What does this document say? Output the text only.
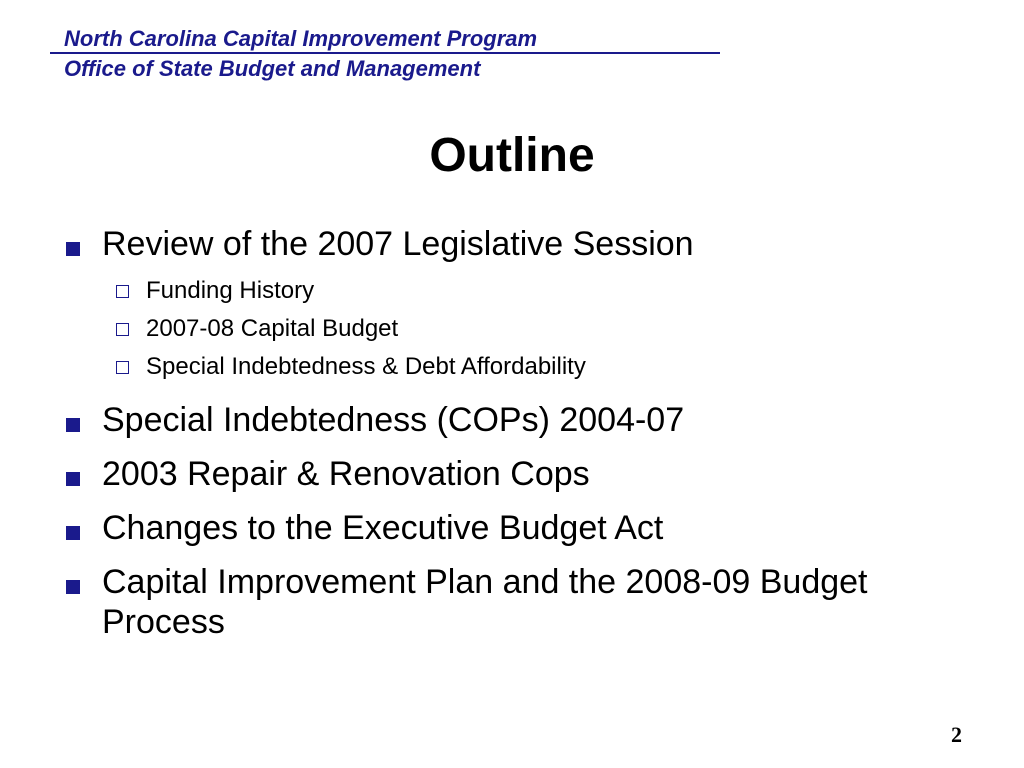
North Carolina Capital Improvement Program
Office of State Budget and Management
Outline
Review of the 2007 Legislative Session
Funding History
2007-08 Capital Budget
Special Indebtedness & Debt Affordability
Special Indebtedness (COPs) 2004-07
2003 Repair & Renovation Cops
Changes to the Executive Budget Act
Capital Improvement Plan and the 2008-09 Budget Process
2
